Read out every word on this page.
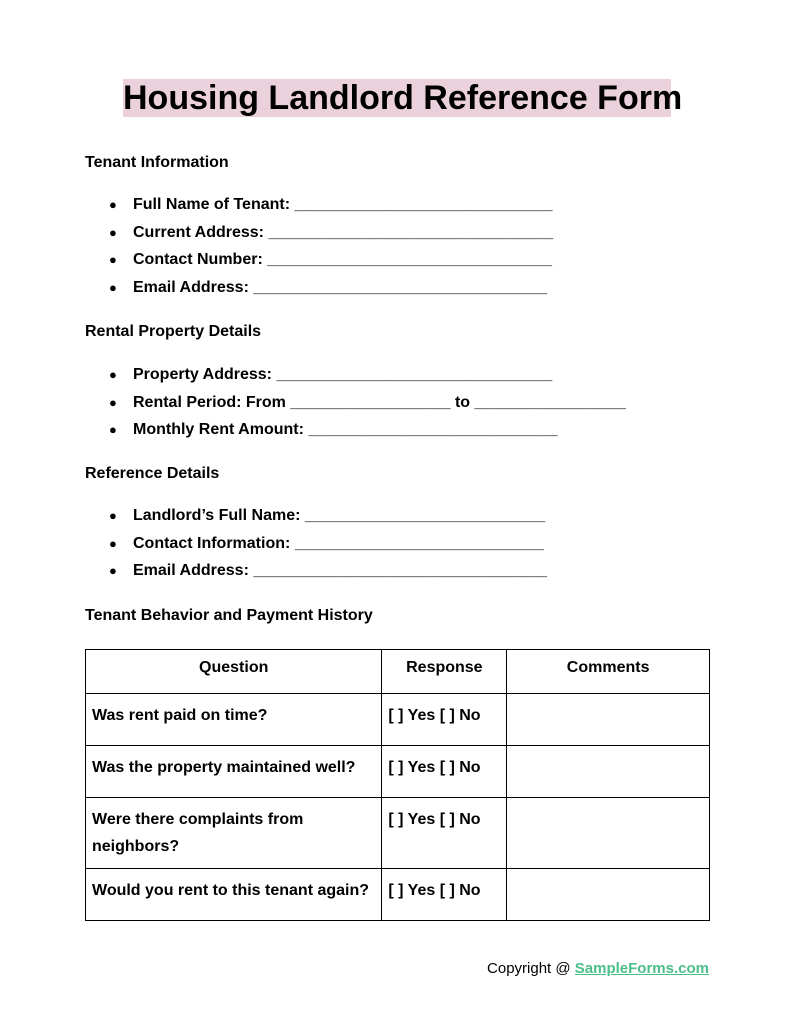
Housing Landlord Reference Form
Tenant Information
● Full Name of Tenant: _____________________________
● Current Address: ________________________________
● Contact Number: ________________________________
● Email Address: _________________________________
Rental Property Details
● Property Address: _______________________________
● Rental Period: From __________________ to _________________
● Monthly Rent Amount: ____________________________
Reference Details
● Landlord’s Full Name: ___________________________
● Contact Information: ____________________________
● Email Address: _________________________________
Tenant Behavior and Payment History
Question	Response	Comments
Was rent paid on time?	[ ] Yes [ ] No	
Was the property maintained well?	[ ] Yes [ ] No	
Were there complaints from neighbors?	[ ] Yes [ ] No	
Would you rent to this tenant again?	[ ] Yes [ ] No	
Copyright @ SampleForms.com
